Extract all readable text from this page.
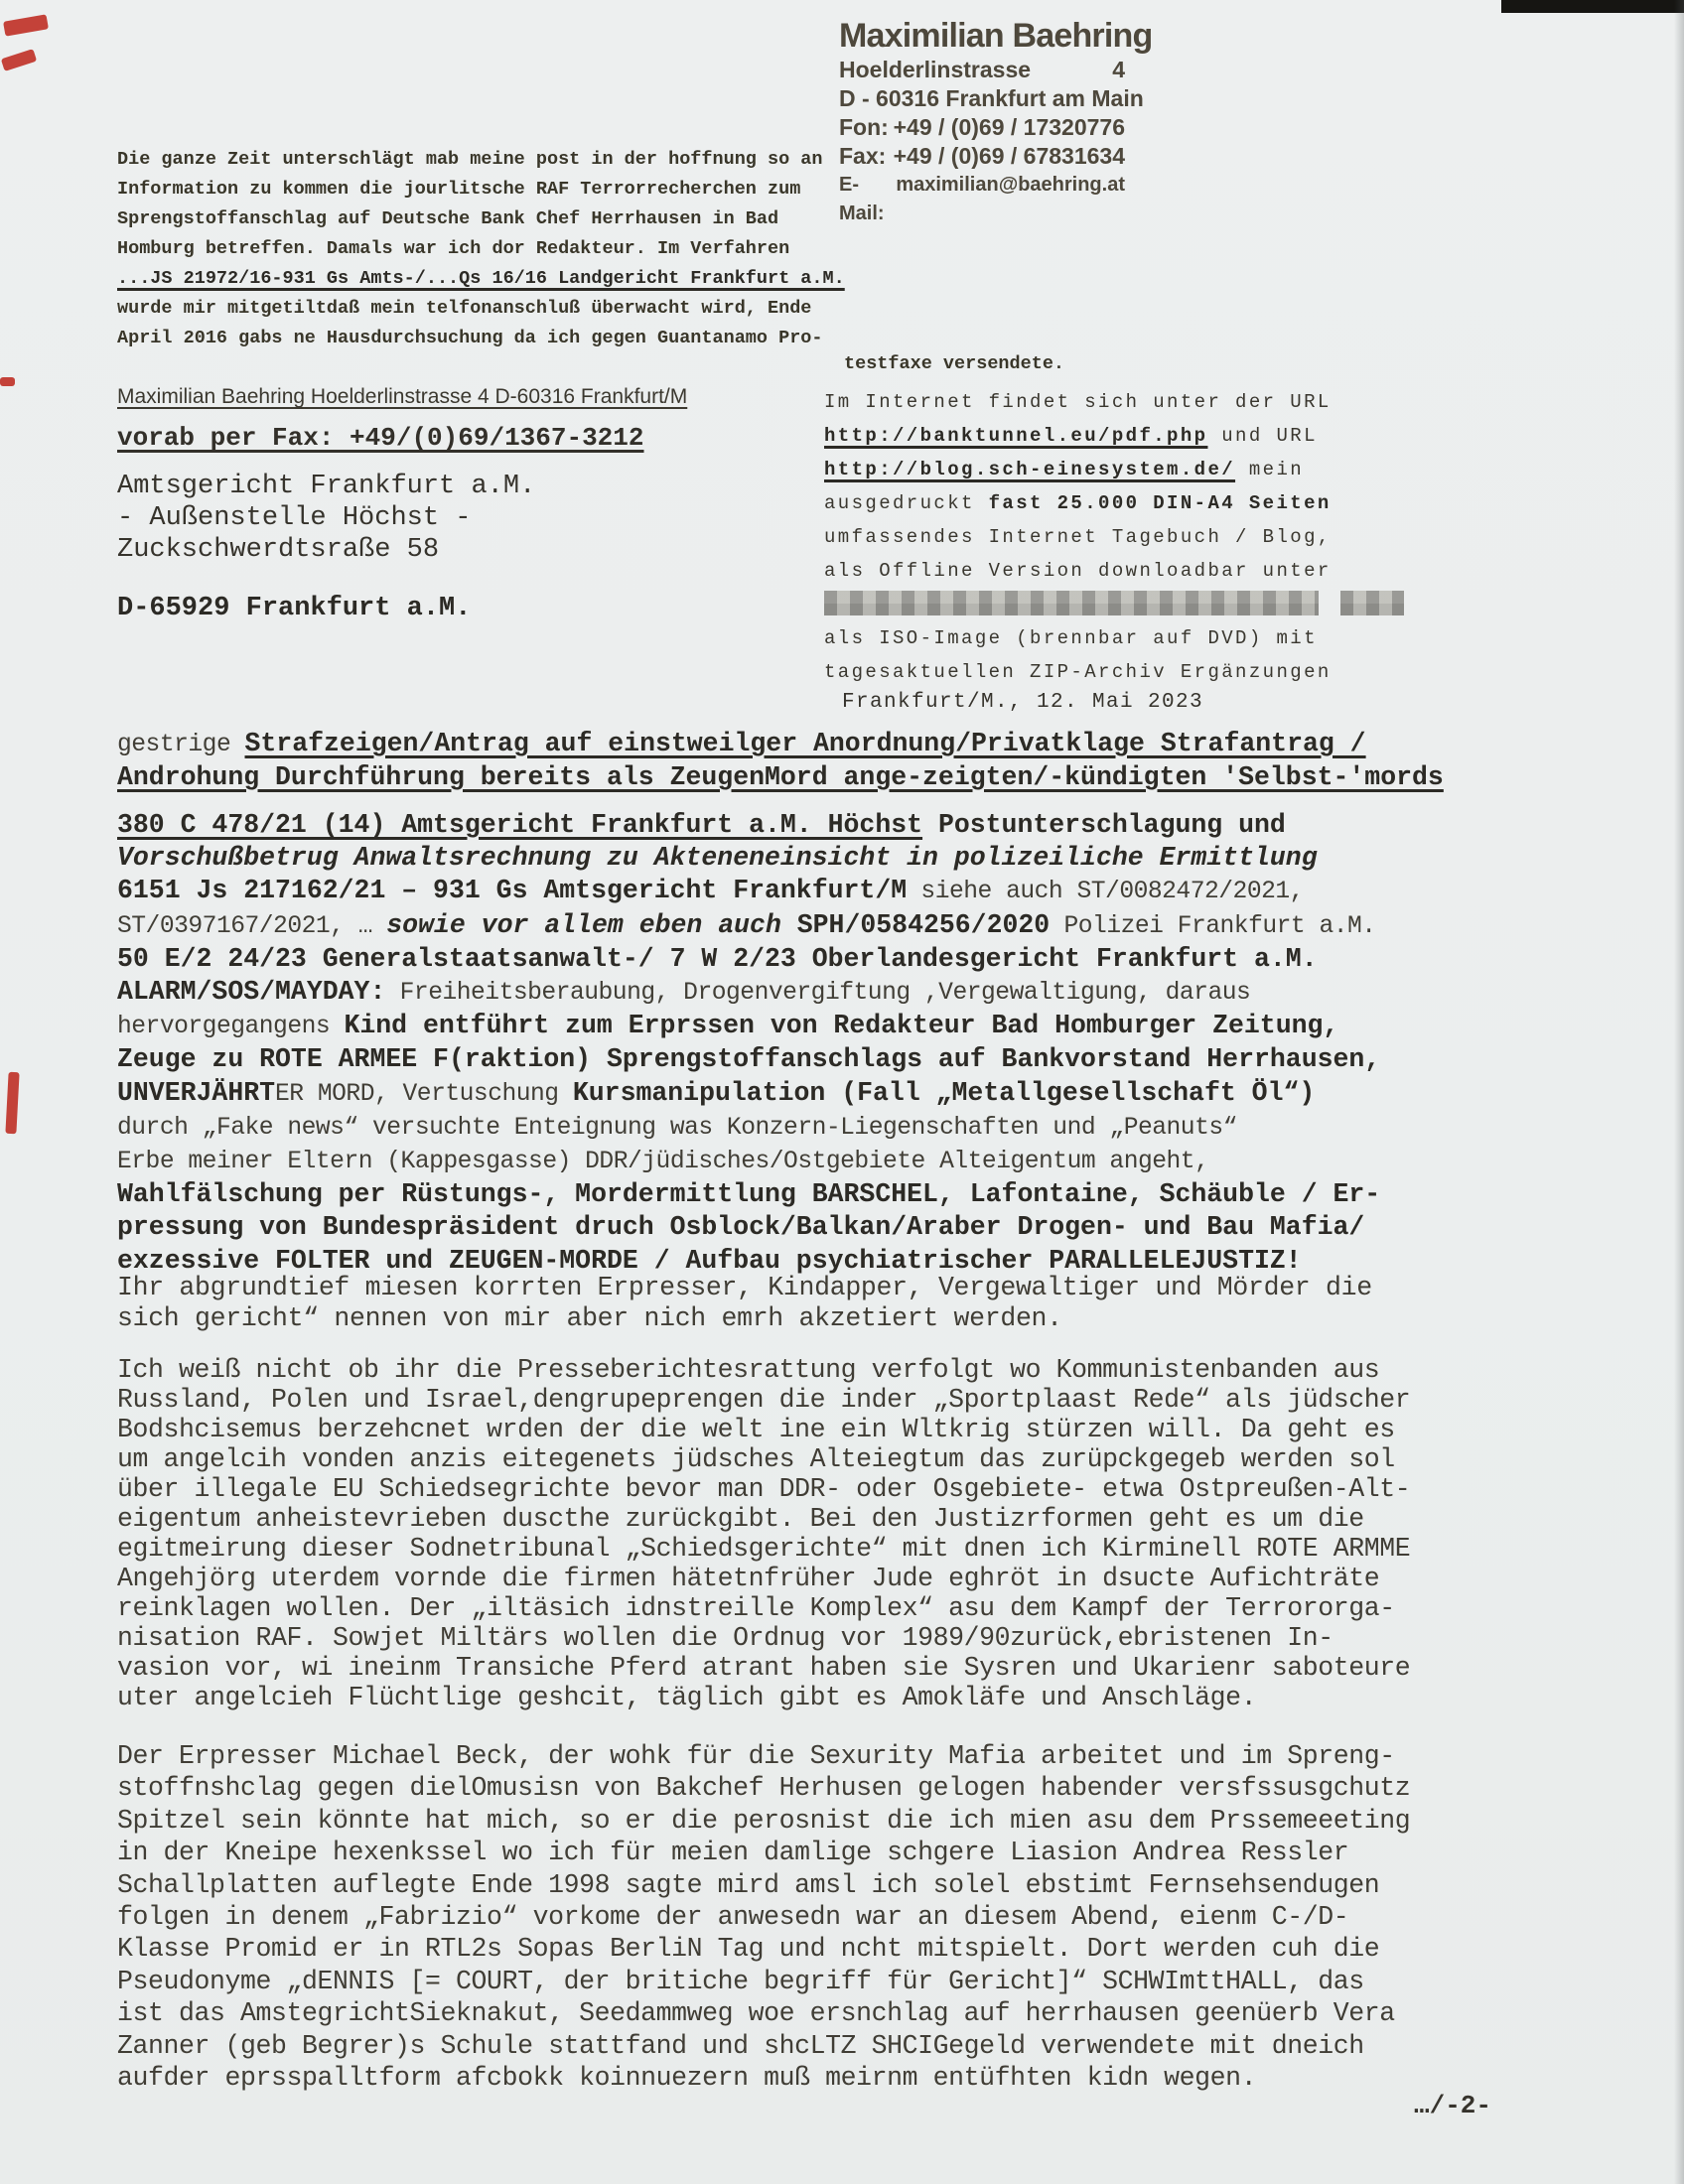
Maximilian Baehring
Hoelderlinstrasse	4
D - 60316 Frankfurt am Main
Fon: +49 / (0)69 / 17320776
Fax: +49 / (0)69 / 67831634
E-Mail:
maximilian@baehring.at
Die ganze Zeit unterschlägt mab meine post in der hoffnung so an
Information zu kommen die jourlitsche RAF Terrorrecherchen zum
Sprengstoffanschlag auf Deutsche Bank Chef Herrhausen in Bad
Homburg betreffen. Damals war ich dor Redakteur. Im Verfahren
...JS 21972/16-931 Gs Amts-/...Qs 16/16 Landgericht Frankfurt a.M.
wurde mir mitgetiltdaß mein telfonanschluß überwacht wird, Ende
April 2016 gabs ne Hausdurchsuchung da ich gegen Guantanamo Pro-
testfaxe versendete.
Maximilian Baehring Hoelderlinstrasse 4 D-60316 Frankfurt/M
vorab per Fax: +49/(0)69/1367-3212
Amtsgericht Frankfurt a.M.
- Außenstelle Höchst -
Zuckschwerdtsraße 58
D-65929 Frankfurt a.M.
Im Internet findet sich unter der URL
http://banktunnel.eu/pdf.php und URL
http://blog.sch-einesystem.de/ mein
ausgedruckt fast 25.000 DIN-A4 Seiten
umfassendes Internet Tagebuch / Blog,
als Offline Version downloadbar unter
als ISO-Image (brennbar auf DVD) mit
tagesaktuellen ZIP-Archiv Ergänzungen
Frankfurt/M., 12. Mai 2023
gestrige Strafzeigen/Antrag auf einstweilger Anordnung/Privatklage Strafantrag /
Androhung Durchführung bereits als ZeugenMord ange-zeigten/-kündigten 'Selbst-'mords
380 C 478/21 (14) Amtsgericht Frankfurt a.M. Höchst Postunterschlagung und
Vorschußbetrug Anwaltsrechnung zu Akteneneinsicht in polizeiliche Ermittlung
6151 Js 217162/21 – 931 Gs Amtsgericht Frankfurt/M siehe auch ST/0082472/2021,
ST/0397167/2021, … sowie vor allem eben auch SPH/0584256/2020 Polizei Frankfurt a.M.
50 E/2 24/23 Generalstaatsanwalt-/ 7 W 2/23 Oberlandesgericht Frankfurt a.M.
ALARM/SOS/MAYDAY: Freiheitsberaubung, Drogenvergiftung ,Vergewaltigung, daraus
hervorgegangens Kind entführt zum Erprssen von Redakteur Bad Homburger Zeitung,
Zeuge zu ROTE ARMEE F(raktion) Sprengstoffanschlags auf Bankvorstand Herrhausen,
UNVERJÄHRTER MORD, Vertuschung Kursmanipulation (Fall „Metallgesellschaft Öl“)
durch „Fake news“ versuchte Enteignung was Konzern-Liegenschaften und „Peanuts“
Erbe meiner Eltern (Kappesgasse) DDR/jüdisches/Ostgebiete Alteigentum angeht,
Wahlfälschung per Rüstungs-, Mordermittlung BARSCHEL, Lafontaine, Schäuble / Er-
pressung von Bundespräsident druch Osblock/Balkan/Araber Drogen- und Bau Mafia/
exzessive FOLTER und ZEUGEN-MORDE / Aufbau psychiatrischer PARALLELEJUSTIZ!
Ihr abgrundtief miesen korrten Erpresser, Kindapper, Vergewaltiger und Mörder die
sich gericht“ nennen von mir aber nich emrh akzetiert werden.
Ich weiß nicht ob ihr die Presseberichtesrattung verfolgt wo Kommunistenbanden aus
Russland, Polen und Israel,dengrupeprengen die inder „Sportplaast Rede“ als jüdscher
Bodshcisemus berzehcnet wrden der die welt ine ein Wltkrig stürzen will. Da geht es
um angelcih vonden anzis eitegenets jüdsches Alteiegtum das zurüpckgegeb werden sol
über illegale EU Schiedsegrichte bevor man DDR- oder Osgebiete- etwa Ostpreußen-Alt-
eigentum anheistevrieben duscthe zurückgibt. Bei den Justizrformen geht es um die
egitmeirung dieser Sodnetribunal „Schiedsgerichte“ mit dnen ich Kirminell ROTE ARMME
Angehjörg uterdem vornde die firmen hätetnfrüher Jude eghröt in dsucte Aufichträte
reinklagen wollen. Der „iltäsich idnstreille Komplex“ asu dem Kampf der Terrororga-
nisation RAF. Sowjet Miltärs wollen die Ordnug vor 1989/90zurück,ebristenen In-
vasion vor, wi ineinm Transiche Pferd atrant haben sie Sysren und Ukarienr saboteure
uter angelcieh Flüchtlige geshcit, täglich gibt es Amokläfe und Anschläge.
Der Erpresser Michael Beck, der wohk für die Sexurity Mafia arbeitet und im Spreng-
stoffnshclag gegen dielOmusisn von Bakchef Herhusen gelogen habender versfssusgchutz
Spitzel sein könnte hat mich, so er die perosnist die ich mien asu dem Prssemeeeting
in der Kneipe hexenkssel wo ich für meien damlige schgere Liasion Andrea Ressler
Schallplatten auflegte Ende 1998 sagte mird amsl ich solel ebstimt Fernsehsendugen
folgen in denem „Fabrizio“ vorkome der anwesedn war an diesem Abend, eienm C-/D-
Klasse Promid er in RTL2s Sopas BerliN Tag und ncht mitspielt. Dort werden cuh die
Pseudonyme „dENNIS [= COURT, der britiche begriff für Gericht]“ SCHWImttHALL, das
ist das AmstegrichtSieknakut, Seedammweg woe ersnchlag auf herrhausen geenüerb Vera
Zanner (geb Begrer)s Schule stattfand und shcLTZ SHCIGegeld verwendete mit dneich
aufder eprsspalltform afcbokk koinnuezern muß meirnm entüfhten kidn wegen.
…/-2-
